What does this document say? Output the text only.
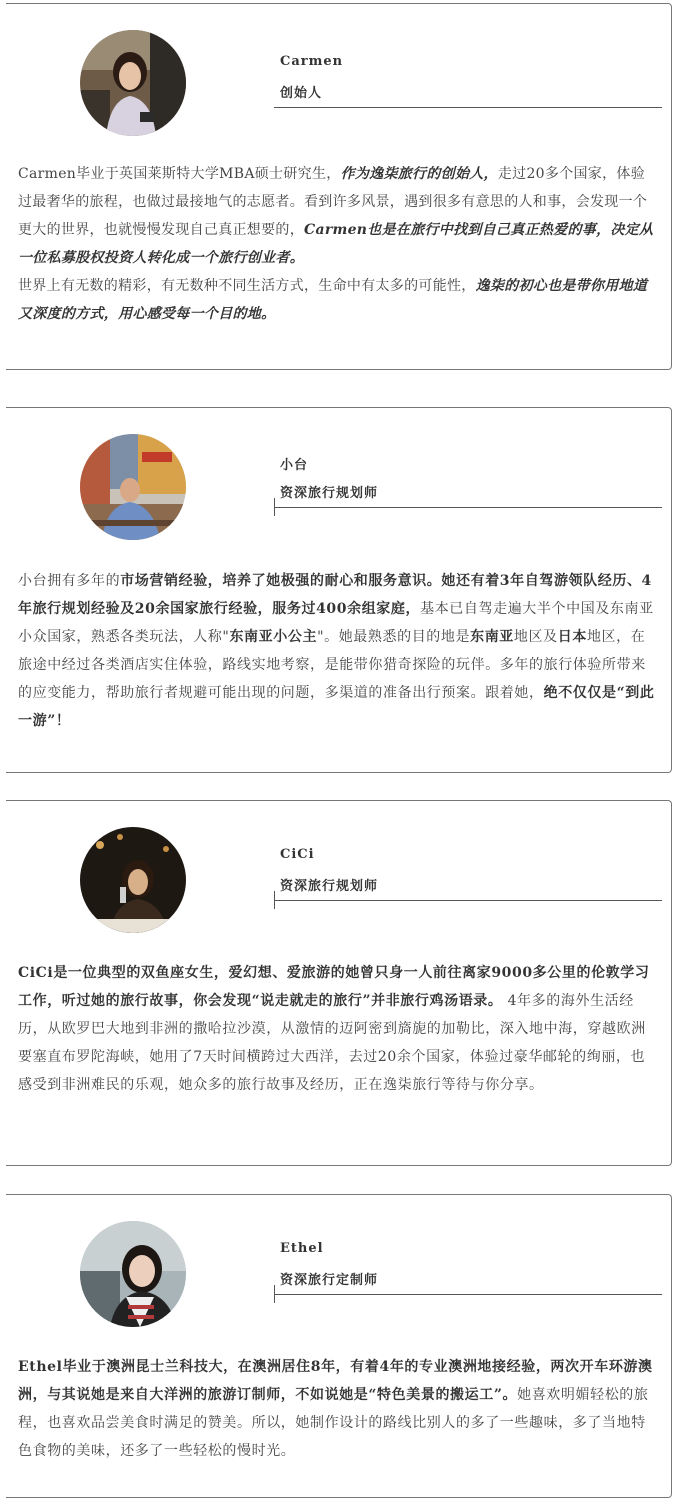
Carmen
创始人

Carmen毕业于英国莱斯特大学MBA硕士研究生，作为逸柒旅行的创始人，走过20多个国家，体验过最奢华的旅程，也做过最接地气的志愿者。看到许多风景，遇到很多有意思的人和事，会发现一个更大的世界，也就慢慢发现自己真正想要的，Carmen也是在旅行中找到自己真正热爱的事，决定从一位私募股权投资人转化成一个旅行创业者。
世界上有无数的精彩，有无数种不同生活方式，生命中有太多的可能性，逸柒的初心也是带你用地道又深度的方式，用心感受每一个目的地。

小台
资深旅行规划师

小台拥有多年的市场营销经验，培养了她极强的耐心和服务意识。她还有着3年自驾游领队经历、4年旅行规划经验及20余国家旅行经验，服务过400余组家庭，基本已自驾走遍大半个中国及东南亚小众国家，熟悉各类玩法，人称"东南亚小公主"。她最熟悉的目的地是东南亚地区及日本地区，在旅途中经过各类酒店实住体验，路线实地考察，是能带你猎奇探险的玩伴。多年的旅行体验所带来的应变能力，帮助旅行者规避可能出现的问题，多渠道的准备出行预案。跟着她，绝不仅仅是“到此一游”！

CiCi
资深旅行规划师

CiCi是一位典型的双鱼座女生，爱幻想、爱旅游的她曾只身一人前往离家9000多公里的伦敦学习工作，听过她的旅行故事，你会发现“说走就走的旅行”并非旅行鸡汤语录。 4年多的海外生活经历，从欧罗巴大地到非洲的撒哈拉沙漠，从激情的迈阿密到旖旎的加勒比，深入地中海，穿越欧洲要塞直布罗陀海峡，她用了7天时间横跨过大西洋，去过20余个国家，体验过豪华邮轮的绚丽，也感受到非洲难民的乐观，她众多的旅行故事及经历，正在逸柒旅行等待与你分享。

Ethel
资深旅行定制师

Ethel毕业于澳洲昆士兰科技大，在澳洲居住8年，有着4年的专业澳洲地接经验，两次开车环游澳洲，与其说她是来自大洋洲的旅游订制师，不如说她是“特色美景的搬运工”。她喜欢明媚轻松的旅程，也喜欢品尝美食时满足的赞美。所以，她制作设计的路线比别人的多了一些趣味，多了当地特色食物的美味，还多了一些轻松的慢时光。
